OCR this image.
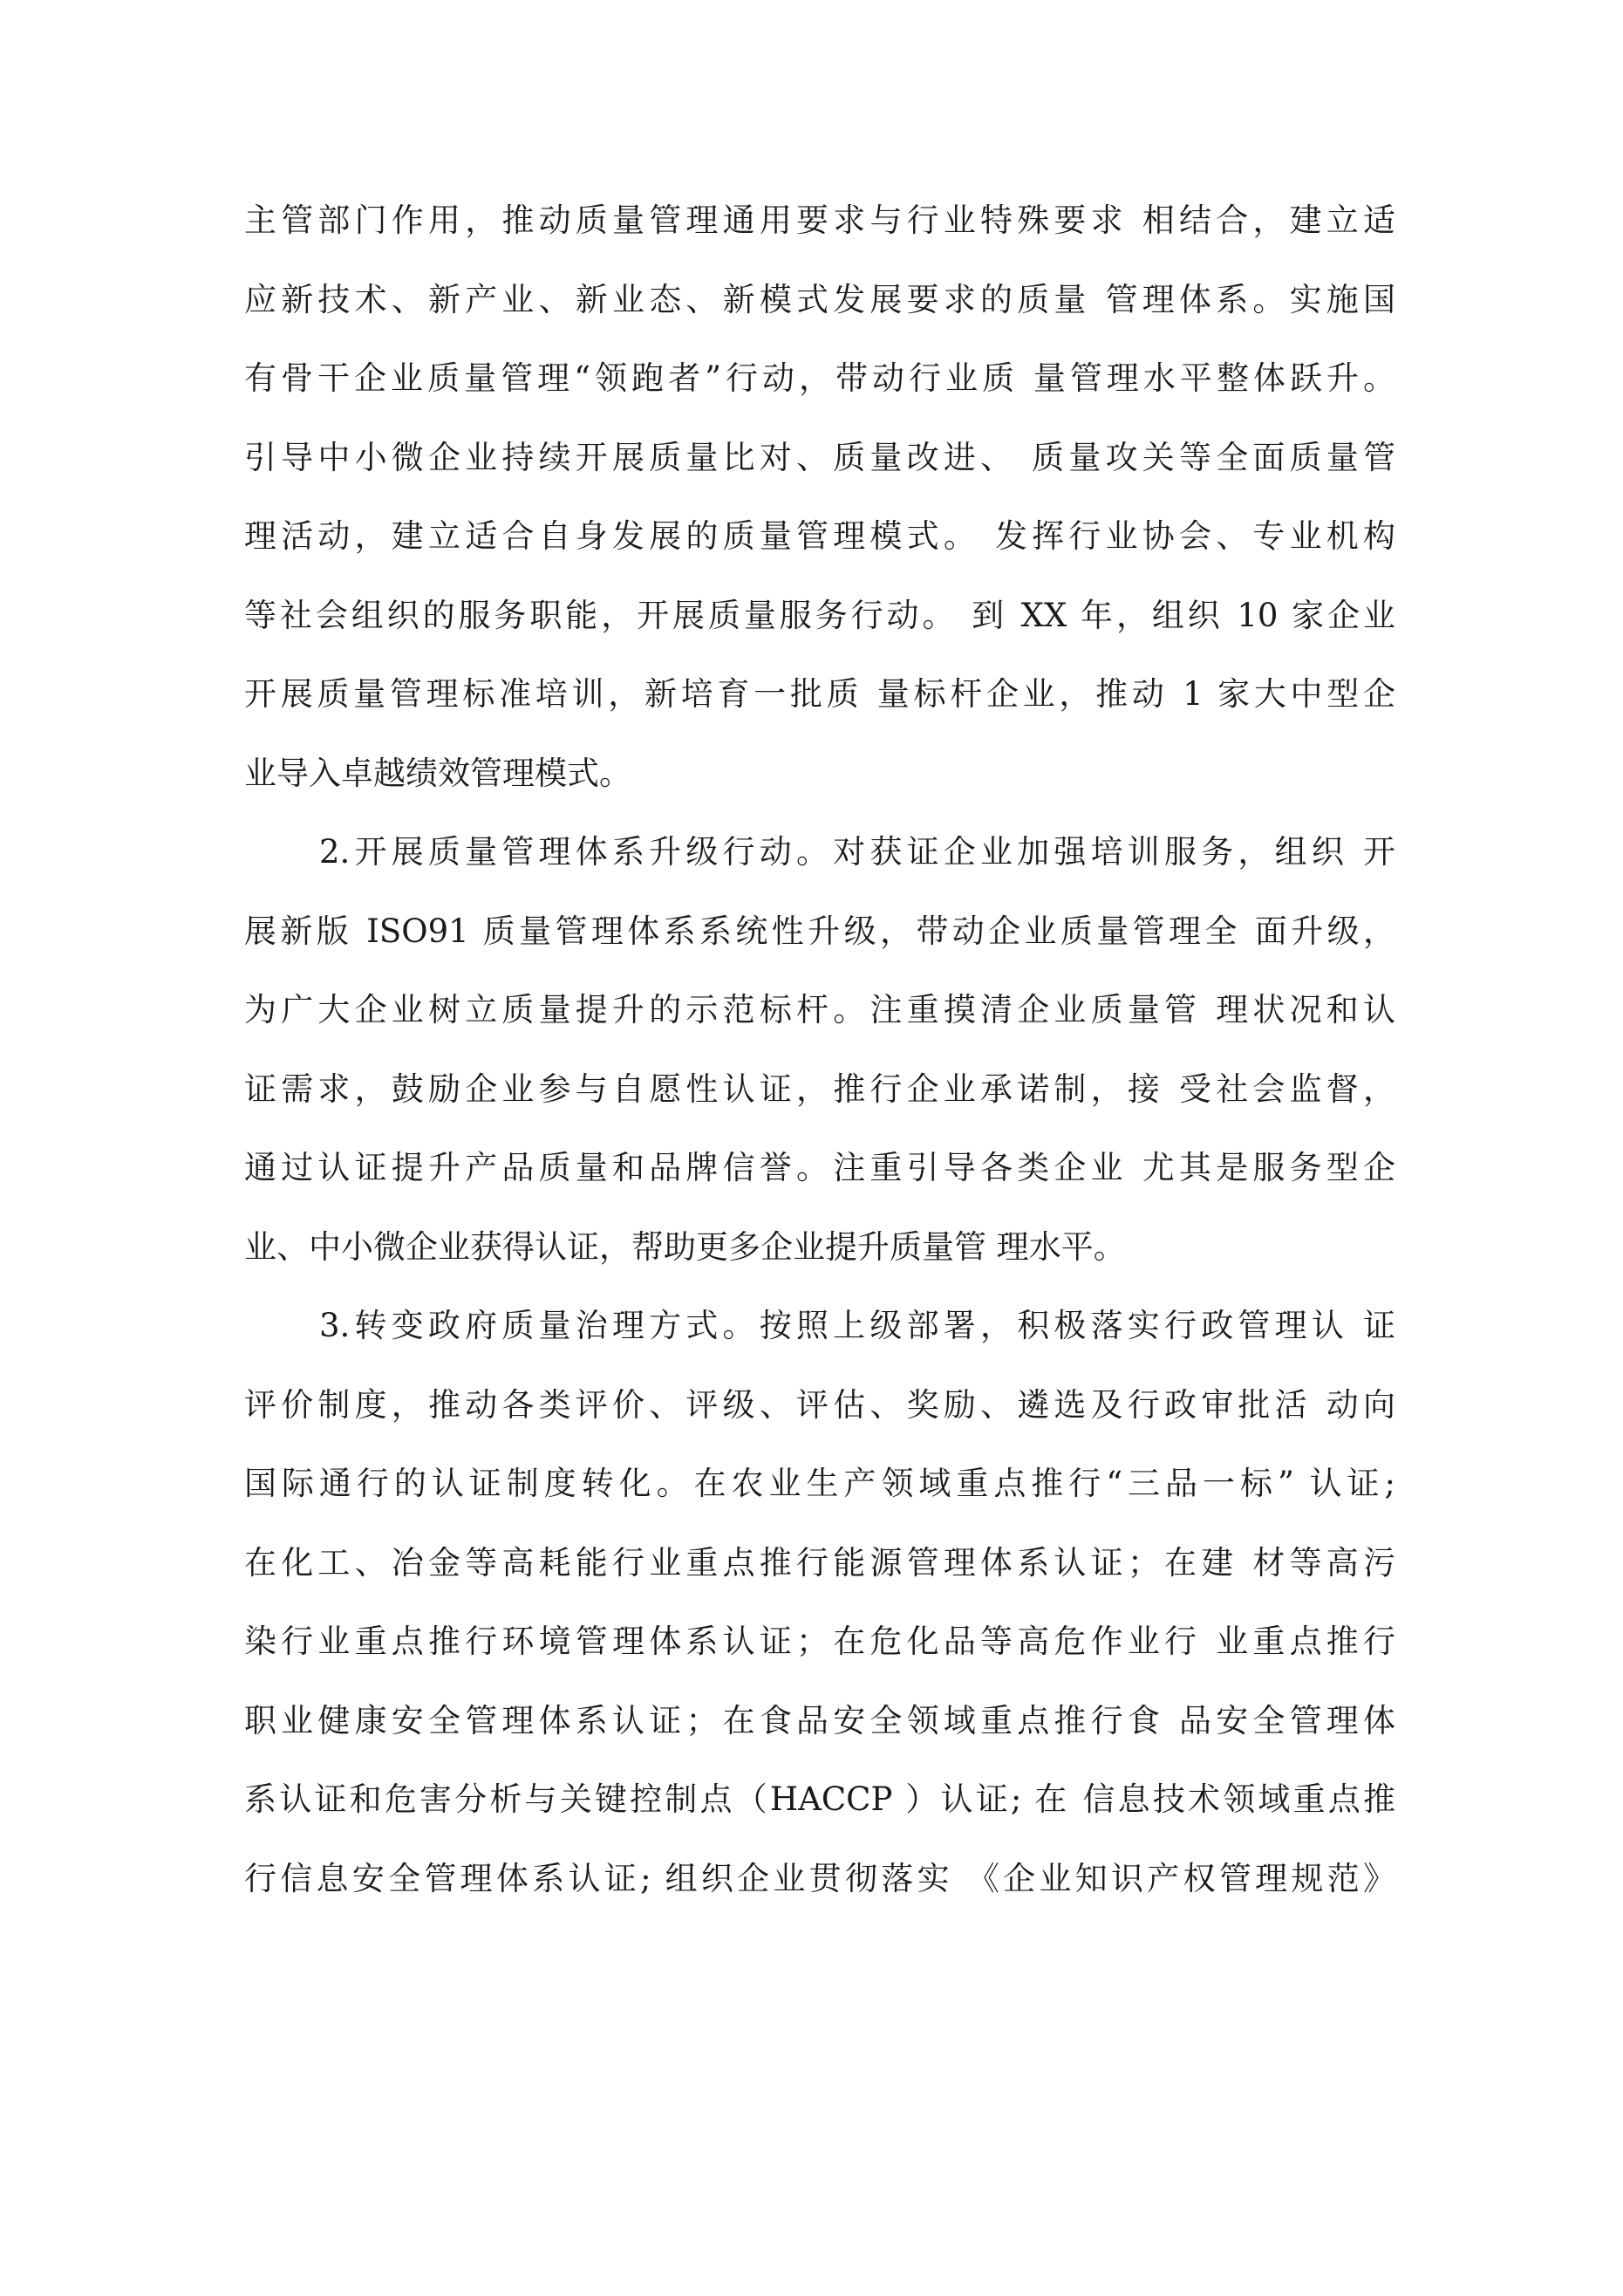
主管部门作用，推动质量管理通用要求与行业特殊要求 相结合，建立适
应新技术、新产业、新业态、新模式发展要求的质量 管理体系。实施国
有骨干企业质量管理“领跑者”行动，带动行业质 量管理水平整体跃升。
引导中小微企业持续开展质量比对、质量改进、 质量攻关等全面质量管
理活动，建立适合自身发展的质量管理模式。 发挥行业协会、专业机构
等社会组织的服务职能，开展质量服务行动。 到 XX 年，组织 10 家企业
开展质量管理标准培训，新培育一批质 量标杆企业，推动 1 家大中型企
业导入卓越绩效管理模式。
2.开展质量管理体系升级行动。对获证企业加强培训服务，组织 开
展新版 ISO91 质量管理体系系统性升级，带动企业质量管理全 面升级，
为广大企业树立质量提升的示范标杆。注重摸清企业质量管 理状况和认
证需求，鼓励企业参与自愿性认证，推行企业承诺制，接 受社会监督，
通过认证提升产品质量和品牌信誉。注重引导各类企业 尤其是服务型企
业、中小微企业获得认证，帮助更多企业提升质量管 理水平。
3.转变政府质量治理方式。按照上级部署，积极落实行政管理认 证
评价制度，推动各类评价、评级、评估、奖励、遴选及行政审批活 动向
国际通行的认证制度转化。在农业生产领域重点推行“三品一标” 认证;
在化工、冶金等高耗能行业重点推行能源管理体系认证；在建 材等高污
染行业重点推行环境管理体系认证；在危化品等高危作业行 业重点推行
职业健康安全管理体系认证；在食品安全领域重点推行食 品安全管理体
系认证和危害分析与关键控制点（HACCP ）认证; 在 信息技术领域重点推
行信息安全管理体系认证; 组织企业贯彻落实 《企业知识产权管理规范》
